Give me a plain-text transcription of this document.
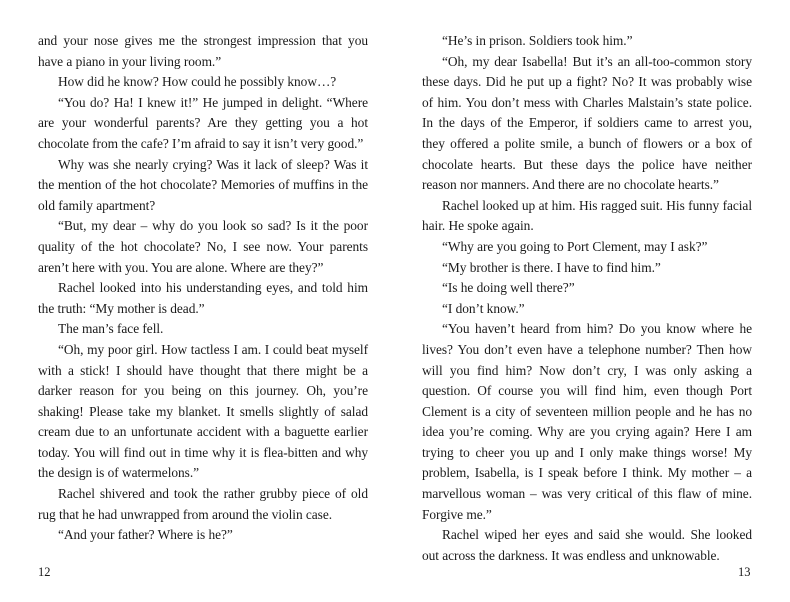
and your nose gives me the strongest impression that you have a piano in your living room.”

How did he know? How could he possibly know…?

“You do? Ha! I knew it!” He jumped in delight. “Where are your wonderful parents? Are they getting you a hot chocolate from the cafe? I’m afraid to say it isn’t very good.”

Why was she nearly crying? Was it lack of sleep? Was it the mention of the hot chocolate? Memories of muffins in the old family apartment?

“But, my dear – why do you look so sad? Is it the poor quality of the hot chocolate? No, I see now. Your parents aren’t here with you. You are alone. Where are they?”

Rachel looked into his understanding eyes, and told him the truth: “My mother is dead.”

The man’s face fell.

“Oh, my poor girl. How tactless I am. I could beat myself with a stick! I should have thought that there might be a darker reason for you being on this journey. Oh, you’re shaking! Please take my blanket. It smells slightly of salad cream due to an unfortunate accident with a baguette earlier today. You will find out in time why it is flea-bitten and why the design is of watermelons.”

Rachel shivered and took the rather grubby piece of old rug that he had unwrapped from around the violin case.

“And your father? Where is he?”

“He’s in prison. Soldiers took him.”

“Oh, my dear Isabella! But it’s an all-too-common story these days. Did he put up a fight? No? It was probably wise of him. You don’t mess with Charles Malstain’s state police. In the days of the Emperor, if soldiers came to arrest you, they offered a polite smile, a bunch of flowers or a box of chocolate hearts. But these days the police have neither reason nor manners. And there are no chocolate hearts.”

Rachel looked up at him. His ragged suit. His funny facial hair. He spoke again.

“Why are you going to Port Clement, may I ask?”

“My brother is there. I have to find him.”

“Is he doing well there?”

“I don’t know.”

“You haven’t heard from him? Do you know where he lives? You don’t even have a telephone number? Then how will you find him? Now don’t cry, I was only asking a question. Of course you will find him, even though Port Clement is a city of seventeen million people and he has no idea you’re coming. Why are you crying again? Here I am trying to cheer you up and I only make things worse! My problem, Isabella, is I speak before I think. My mother – a marvellous woman – was very critical of this flaw of mine. Forgive me.”

Rachel wiped her eyes and said she would. She looked out across the darkness. It was endless and unknowable.

12	13
